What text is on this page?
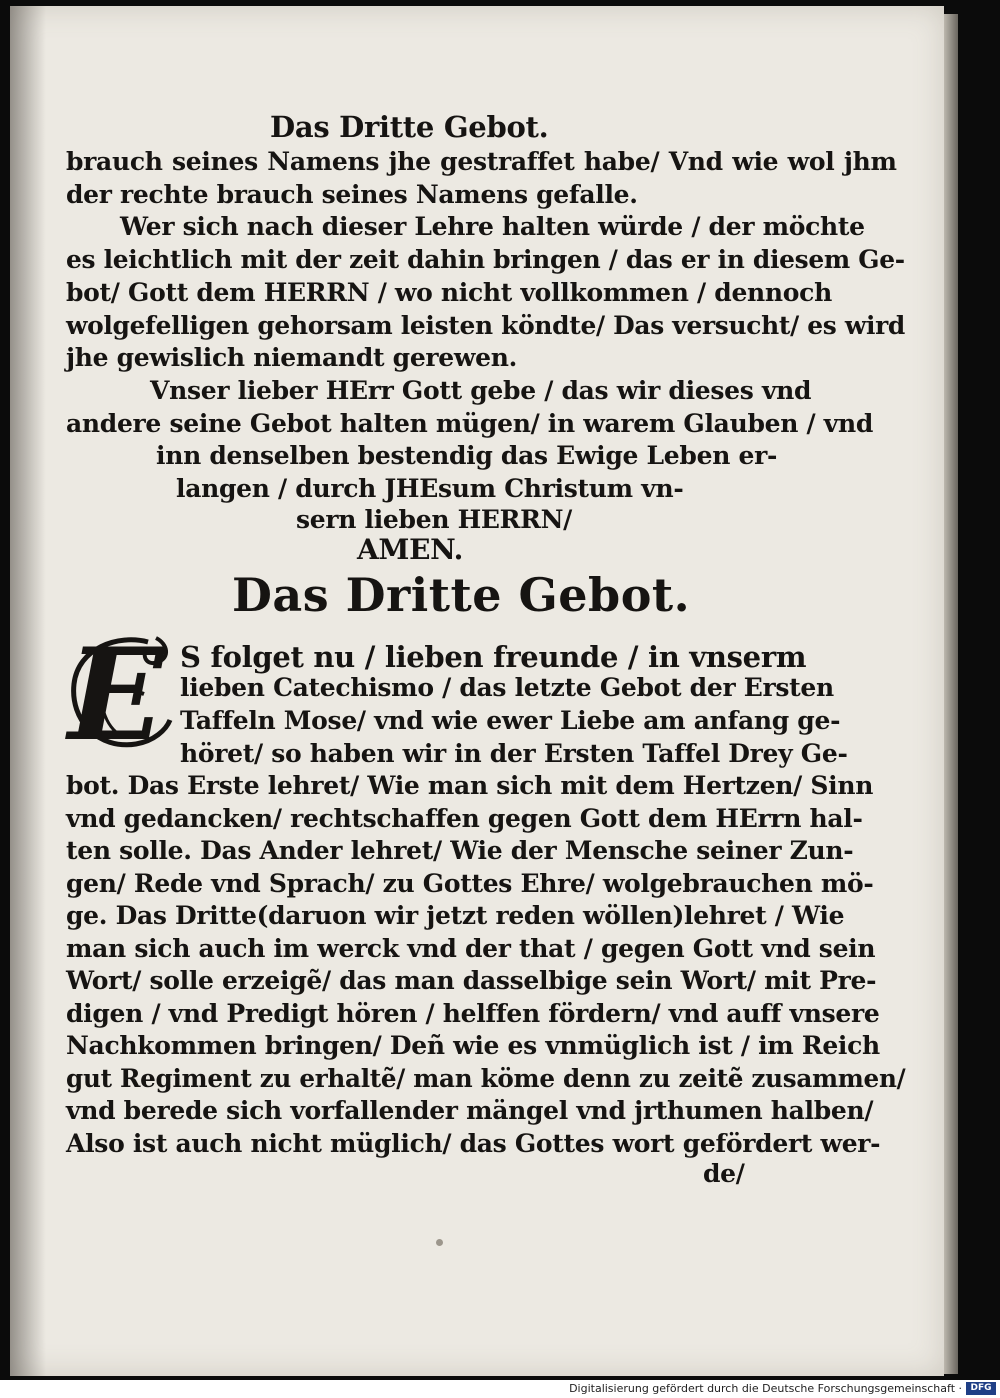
Das Dritte Gebot.
brauch seines Namens jhe gestraffet habe/ Vnd wie wol jhm
der rechte brauch seines Namens gefalle.
Wer sich nach dieser Lehre halten würde / der möchte
es leichtlich mit der zeit dahin bringen / das er in diesem Ge-
bot/ Gott dem HERRN / wo nicht vollkommen / dennoch
wolgefelligen gehorsam leisten köndte/ Das versucht/ es wird
jhe gewislich niemandt gerewen.
Vnser lieber HErr Gott gebe / das wir dieses vnd
andere seine Gebot halten mügen/ in warem Glauben / vnd
inn denselben bestendig das Ewige Leben er-
langen / durch JHEsum Christum vn-
sern lieben HERRN/
AMEN.
Das Dritte Gebot.
E S folget nu / lieben freunde / in vnserm
lieben Catechismo / das letzte Gebot der Ersten
Taffeln Mose/ vnd wie ewer Liebe am anfang ge-
höret/ so haben wir in der Ersten Taffel Drey Ge-
bot. Das Erste lehret/ Wie man sich mit dem Hertzen/ Sinn
vnd gedancken/ rechtschaffen gegen Gott dem HErrn hal-
ten solle. Das Ander lehret/ Wie der Mensche seiner Zun-
gen/ Rede vnd Sprach/ zu Gottes Ehre/ wolgebrauchen mö-
ge. Das Dritte(daruon wir jetzt reden wöllen)lehret / Wie
man sich auch im werck vnd der that / gegen Gott vnd sein
Wort/ solle erzeigẽ/ das man dasselbige sein Wort/ mit Pre-
digen / vnd Predigt hören / helffen fördern/ vnd auff vnsere
Nachkommen bringen/ Deñ wie es vnmüglich ist / im Reich
gut Regiment zu erhaltẽ/ man köme denn zu zeitẽ zusammen/
vnd berede sich vorfallender mängel vnd jrthumen halben/
Also ist auch nicht müglich/ das Gottes wort gefördert wer-
de/
Digitalisierung gefördert durch die Deutsche Forschungsgemeinschaft · DFG
